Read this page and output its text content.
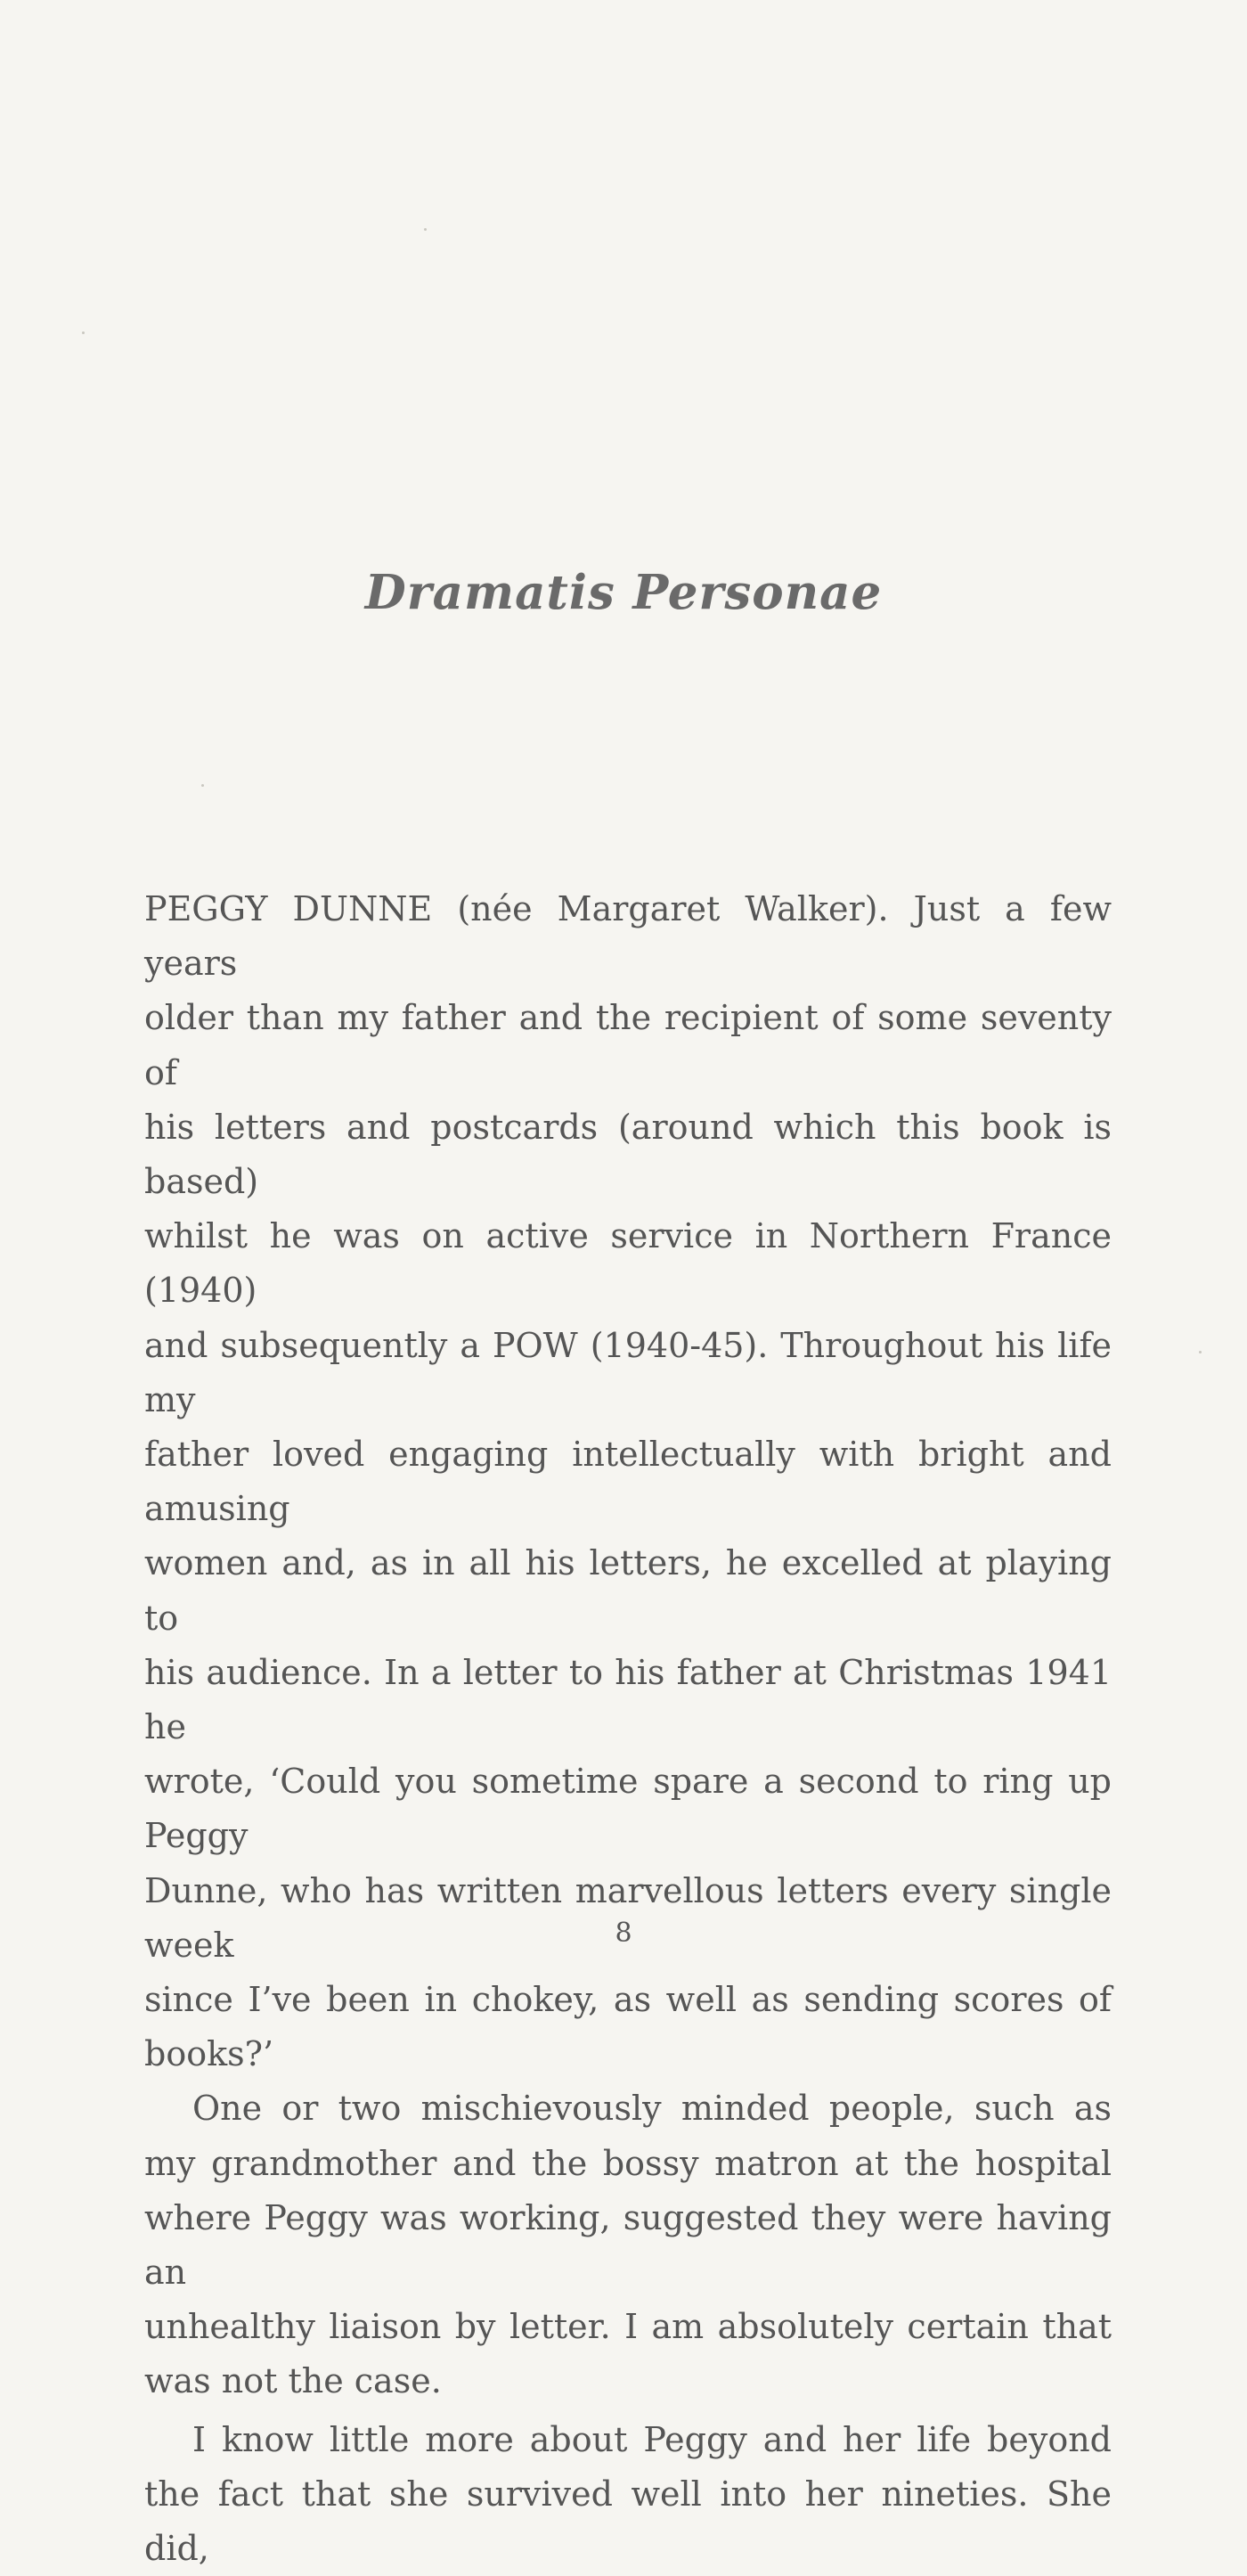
Dramatis Personae

PEGGY DUNNE (née Margaret Walker). Just a few years
older than my father and the recipient of some seventy of
his letters and postcards (around which this book is based)
whilst he was on active service in Northern France (1940)
and subsequently a POW (1940-45). Throughout his life my
father loved engaging intellectually with bright and amusing
women and, as in all his letters, he excelled at playing to
his audience. In a letter to his father at Christmas 1941 he
wrote, ‘Could you sometime spare a second to ring up Peggy
Dunne, who has written marvellous letters every single week
since I’ve been in chokey, as well as sending scores of books?’

One or two mischievously minded people, such as
my grandmother and the bossy matron at the hospital
where Peggy was working, suggested they were having an
unhealthy liaison by letter. I am absolutely certain that
was not the case.

I know little more about Peggy and her life beyond
the fact that she survived well into her nineties. She did,

8
